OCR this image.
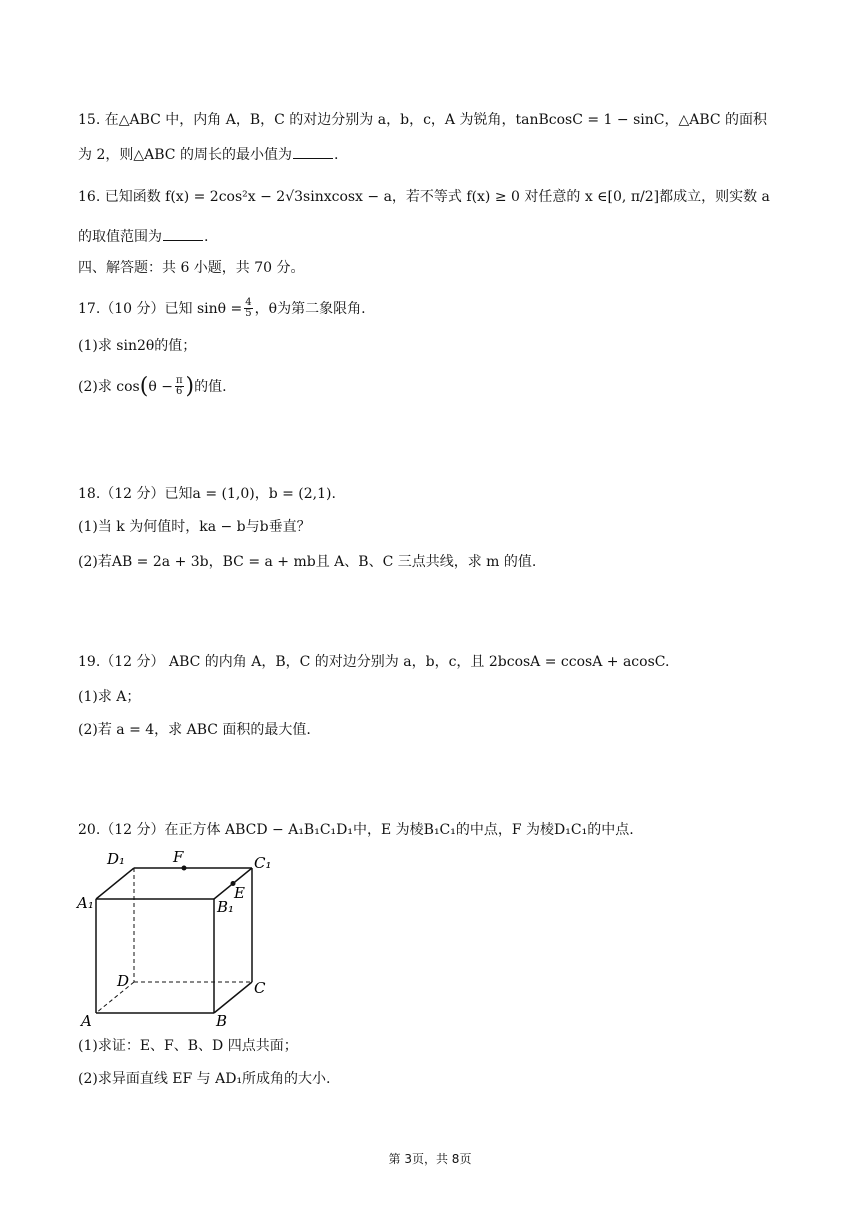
15. 在△ABC 中，内角 A，B，C 的对边分别为 a，b，c，A 为锐角，tanBcosC = 1 − sinC，△ABC 的面积
为 2，则△ABC 的周长的最小值为	.
16. 已知函数 f(x) = 2cos²x − 2√3sinxcosx − a，若不等式 f(x) ≥ 0 对任意的 x ∈[0, π/2]都成立，则实数 a
的取值范围为	.
四、解答题：共 6 小题，共 70 分。
17.（10 分）已知 $\sin\theta = \frac{4}{5}$ ，θ为第二象限角.
(1)求 sin2θ的值；
(2)求 $\cos(\theta - \frac{\pi}{6}$ )的值.
18.（12 分）已知a = (1,0)，b = (2,1).
(1)当 k 为何值时，ka − b与b垂直？
(2)若AB = 2a + 3b，BC = a + mb且 A、B、C 三点共线，求 m 的值.
19.（12 分） ABC 的内角 A，B，C 的对边分别为 a，b，c，且 2bcosA = ccosA + acosC.
(1)求 A；
(2)若 a = 4，求 ABC 面积的最大值.
20.（12 分）在正方体 ABCD − A₁B₁C₁D₁中，E 为棱B₁C₁的中点，F 为棱D₁C₁的中点.
D₁	F	C₁
E
A₁	B₁
D	C
A	B
(1)求证：E、F、B、D 四点共面；
(2)求异面直线 EF 与 AD₁所成角的大小.
第 3页，共 8页
